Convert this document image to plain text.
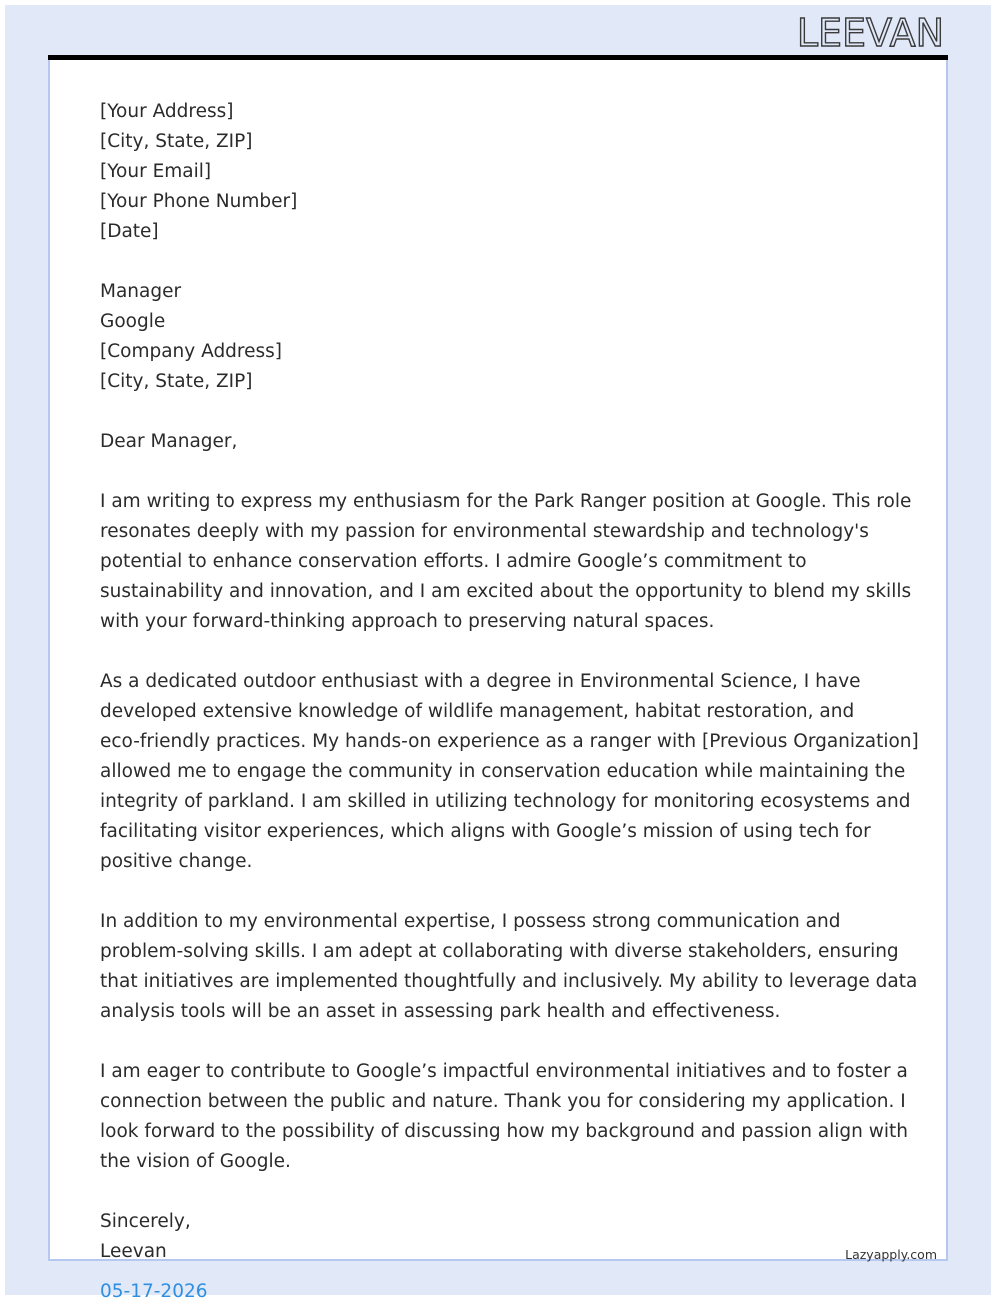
LEEVAN
[Your Address]
[City, State, ZIP]
[Your Email]
[Your Phone Number]
[Date]
Manager
Google
[Company Address]
[City, State, ZIP]
Dear Manager,
I am writing to express my enthusiasm for the Park Ranger position at Google. This role
resonates deeply with my passion for environmental stewardship and technology's
potential to enhance conservation efforts. I admire Google’s commitment to
sustainability and innovation, and I am excited about the opportunity to blend my skills
with your forward-thinking approach to preserving natural spaces.
As a dedicated outdoor enthusiast with a degree in Environmental Science, I have
developed extensive knowledge of wildlife management, habitat restoration, and
eco-friendly practices. My hands-on experience as a ranger with [Previous Organization]
allowed me to engage the community in conservation education while maintaining the
integrity of parkland. I am skilled in utilizing technology for monitoring ecosystems and
facilitating visitor experiences, which aligns with Google’s mission of using tech for
positive change.
In addition to my environmental expertise, I possess strong communication and
problem-solving skills. I am adept at collaborating with diverse stakeholders, ensuring
that initiatives are implemented thoughtfully and inclusively. My ability to leverage data
analysis tools will be an asset in assessing park health and effectiveness.
I am eager to contribute to Google’s impactful environmental initiatives and to foster a
connection between the public and nature. Thank you for considering my application. I
look forward to the possibility of discussing how my background and passion align with
the vision of Google.
Sincerely,
Leevan
05-17-2026
Lazyapply.com
